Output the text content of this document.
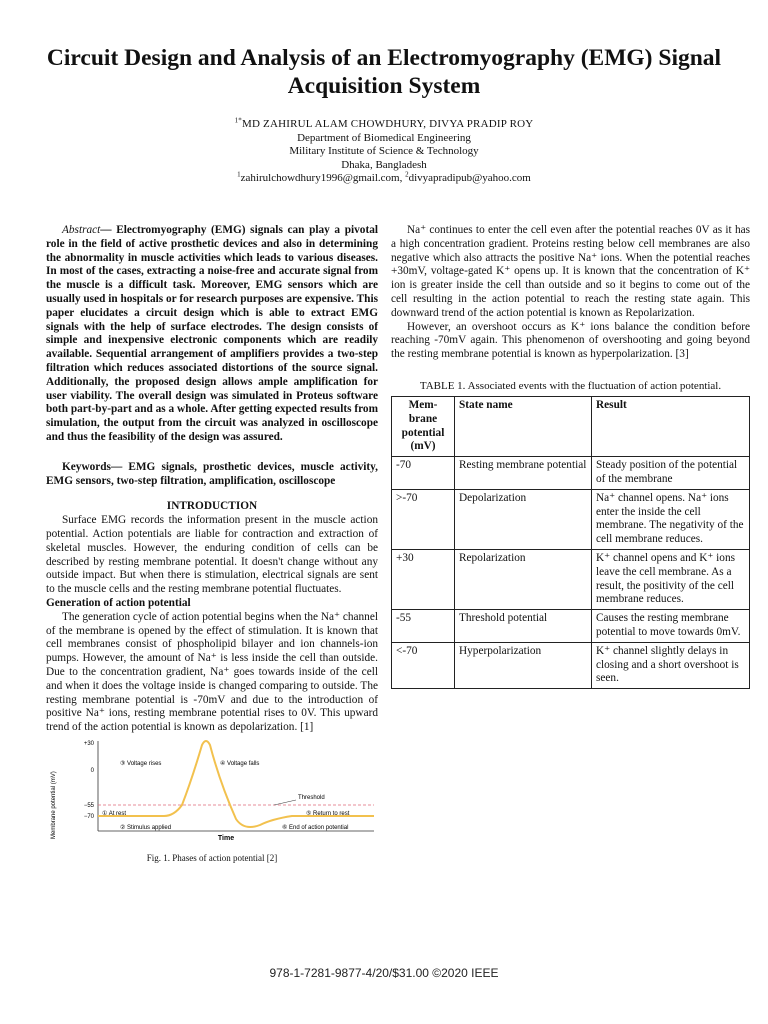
Circuit Design and Analysis of an Electromyography (EMG) Signal Acquisition System
$^{1*}$MD ZAHIRUL ALAM CHOWDHURY, DIVYA PRADIP ROY
Department of Biomedical Engineering
Military Institute of Science & Technology
Dhaka, Bangladesh
$^1$zahirulchowdhury1996@gmail.com, $^2$divyapradipub@yahoo.com

Abstract— Electromyography (EMG) signals can play a pivotal role in the field of active prosthetic devices and also in determining the abnormality in muscle activities which leads to various diseases. In most of the cases, extracting a noise-free and accurate signal from the muscle is a difficult task. Moreover, EMG sensors which are usually used in hospitals or for research purposes are expensive. This paper elucidates a circuit design which is able to extract EMG signals with the help of surface electrodes. The design consists of simple and inexpensive electronic components which are readily available. Sequential arrangement of amplifiers provides a two-step filtration which reduces associated distortions of the source signal. Additionally, the proposed design allows ample amplification for user viability. The overall design was simulated in Proteus software both part-by-part and as a whole. After getting expected results from simulation, the output from the circuit was analyzed in oscilloscope and thus the feasibility of the design was assured.

Keywords— EMG signals, prosthetic devices, muscle activity, EMG sensors, two-step filtration, amplification, oscilloscope

INTRODUCTION

Surface EMG records the information present in the muscle action potential. Action potentials are liable for contraction and extraction of skeletal muscles. However, the enduring condition of cells can be described by resting membrane potential. It doesn't change without any outside impact. But when there is stimulation, electrical signals are sent to the muscle cells and the resting membrane potential fluctuates.

Generation of action potential

The generation cycle of action potential begins when the Na⁺ channel of the membrane is opened by the effect of stimulation. It is known that cell membranes consist of phospholipid bilayer and ion channels-ion pumps. However, the amount of Na⁺ is less inside the cell than outside. Due to the concentration gradient, Na⁺ goes towards inside of the cell and when it does the voltage inside is changed comparing to outside. The resting membrane potential is -70mV and due to the introduction of positive Na⁺ ions, resting membrane potential rises to 0V. This upward trend of the action potential is known as depolarization. [1]

Membrane potential (mV)
+30
0
−55
−70
Threshold
③ Voltage rises	④ Voltage falls
① At rest	⑤ Return to rest
② Stimulus applied	⑥ End of action potential
Time
Fig. 1. Phases of action potential [2]

Na⁺ continues to enter the cell even after the potential reaches 0V as it has a high concentration gradient. Proteins resting below cell membranes are also negative which also attracts the positive Na⁺ ions. When the potential reaches +30mV, voltage-gated K⁺ opens up. It is known that the concentration of K⁺ ion is greater inside the cell than outside and so it begins to come out of the cell resulting in the action potential to reach the resting state again. This downward trend of the action potential is known as Repolarization.

However, an overshoot occurs as K⁺ ions balance the condition before reaching -70mV again. This phenomenon of overshooting and going beyond the resting membrane potential is known as hyperpolarization. [3]

TABLE 1. Associated events with the fluctuation of action potential.
Mem-brane potential (mV)	State name	Result
-70	Resting membrane potential	Steady position of the potential of the membrane
>-70	Depolarization	Na⁺ channel opens. Na⁺ ions enter the inside the cell membrane. The negativity of the cell membrane reduces.
+30	Repolarization	K⁺ channel opens and K⁺ ions leave the cell membrane. As a result, the positivity of the cell membrane reduces.
-55	Threshold potential	Causes the resting membrane potential to move towards 0mV.
<-70	Hyperpolarization	K⁺ channel slightly delays in closing and a short overshoot is seen.
978-1-7281-9877-4/20/$31.00 ©2020 IEEE
